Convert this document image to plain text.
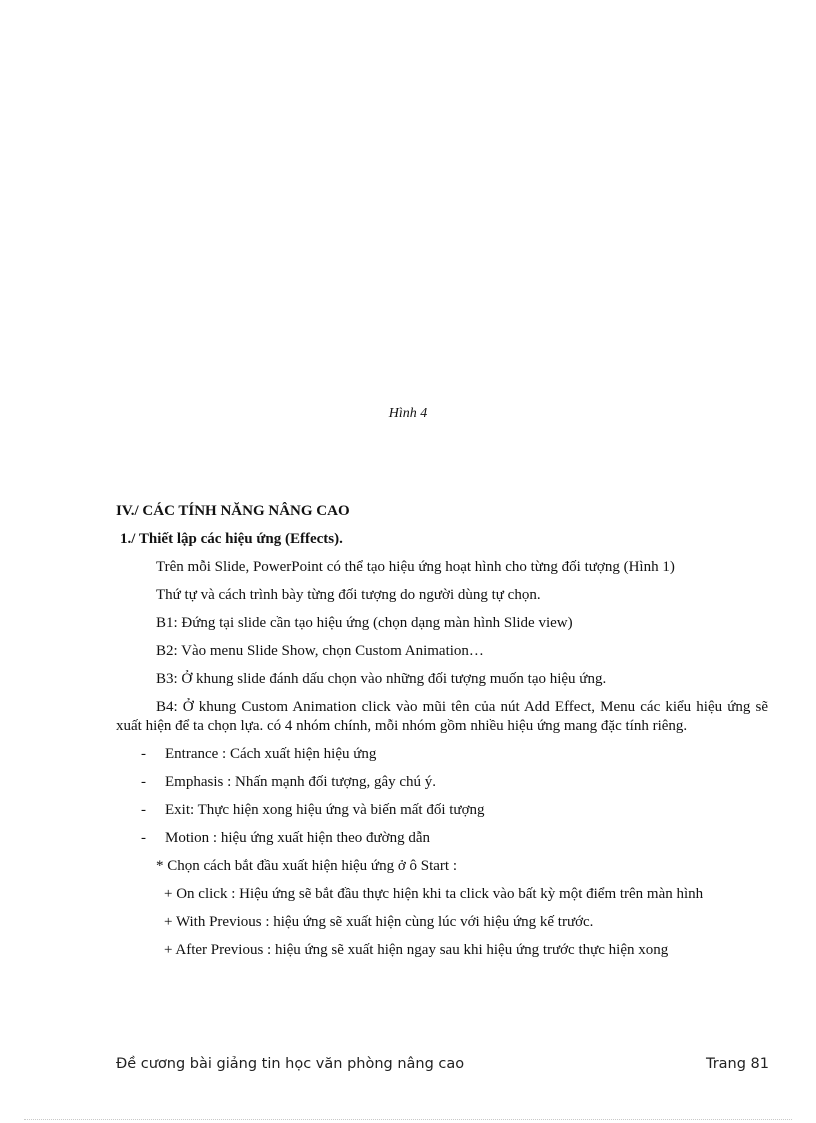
Hình 4
IV./ CÁC TÍNH NĂNG NÂNG CAO
1./ Thiết lập các hiệu ứng (Effects).
Trên mỗi Slide, PowerPoint có thể tạo hiệu ứng hoạt hình cho từng đối tượng (Hình 1)
Thứ tự và cách trình bày từng đối tượng do người dùng tự chọn.
B1: Đứng tại slide cần tạo hiệu ứng (chọn dạng màn hình Slide view)
B2: Vào menu Slide Show, chọn Custom Animation…
B3: Ở khung slide đánh dấu chọn vào những đối tượng muốn tạo hiệu ứng.
B4: Ở khung Custom Animation click vào mũi tên của nút Add Effect, Menu các kiểu hiệu ứng sẽ xuất hiện để ta chọn lựa. có 4 nhóm chính, mỗi nhóm gồm nhiều hiệu ứng mang đặc tính riêng.
- Entrance : Cách xuất hiện hiệu ứng
- Emphasis : Nhấn mạnh đối tượng, gây chú ý.
- Exit: Thực hiện xong hiệu ứng và biến mất đối tượng
- Motion : hiệu ứng xuất hiện theo đường dẫn
* Chọn cách bắt đầu xuất hiện hiệu ứng ở ô Start :
+ On click : Hiệu ứng sẽ bắt đầu thực hiện khi ta click vào bất kỳ một điểm trên màn hình
+ With Previous : hiệu ứng sẽ xuất hiện cùng lúc với hiệu ứng kế trước.
+ After Previous : hiệu ứng sẽ xuất hiện ngay sau khi hiệu ứng trước thực hiện xong
Đề cương bài giảng tin học văn phòng nâng cao	Trang 81
